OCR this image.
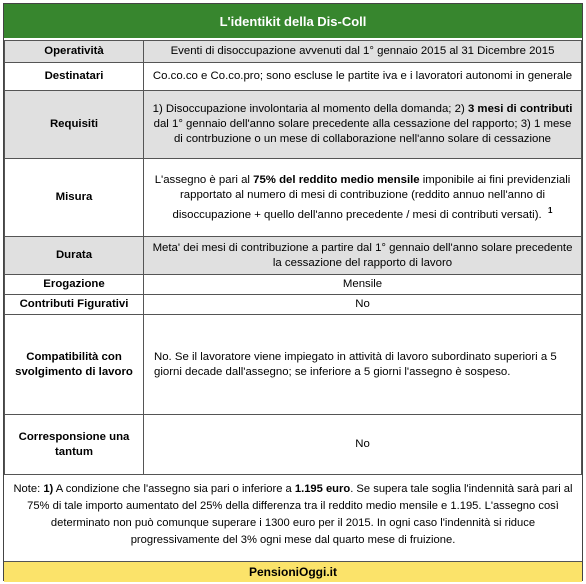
L'identikit della Dis-Coll
Operatività	Eventi di disoccupazione avvenuti dal 1° gennaio 2015 al 31 Dicembre 2015
Destinatari	Co.co.co e Co.co.pro; sono escluse le partite iva e i lavoratori autonomi in generale
Requisiti	1) Disoccupazione involontaria al momento della domanda; 2) 3 mesi di contributi dal 1° gennaio dell'anno solare precedente alla cessazione del rapporto; 3) 1 mese di contrbuzione o un mese di collaborazione nell'anno solare di cessazione
Misura	L'assegno è pari al 75% del reddito medio mensile imponibile ai fini previdenziali rapportato al numero di mesi di contribuzione (reddito annuo nell'anno di disoccupazione + quello dell'anno precedente / mesi di contributi versati). $^1$
Durata	Meta' dei mesi di contribuzione a partire dal 1° gennaio dell'anno solare precedente la cessazione del rapporto di lavoro
Erogazione	Mensile
Contributi Figurativi	No
Compatibilità con svolgimento di lavoro	No. Se il lavoratore viene impiegato in attività di lavoro subordinato superiori a 5 giorni decade dall'assegno; se inferiore a 5 giorni l'assegno è sospeso.
Corresponsione una tantum	No
Note: 1) A condizione che l'assegno sia pari o inferiore a 1.195 euro. Se supera tale soglia l'indennità sarà pari al 75% di tale importo aumentato del 25% della differenza tra il reddito medio mensile e 1.195. L'assegno così determinato non può comunque superare i 1300 euro per il 2015. In ogni caso l'indennità si riduce progressivamente del 3% ogni mese dal quarto mese di fruizione.
PensioniOggi.it
